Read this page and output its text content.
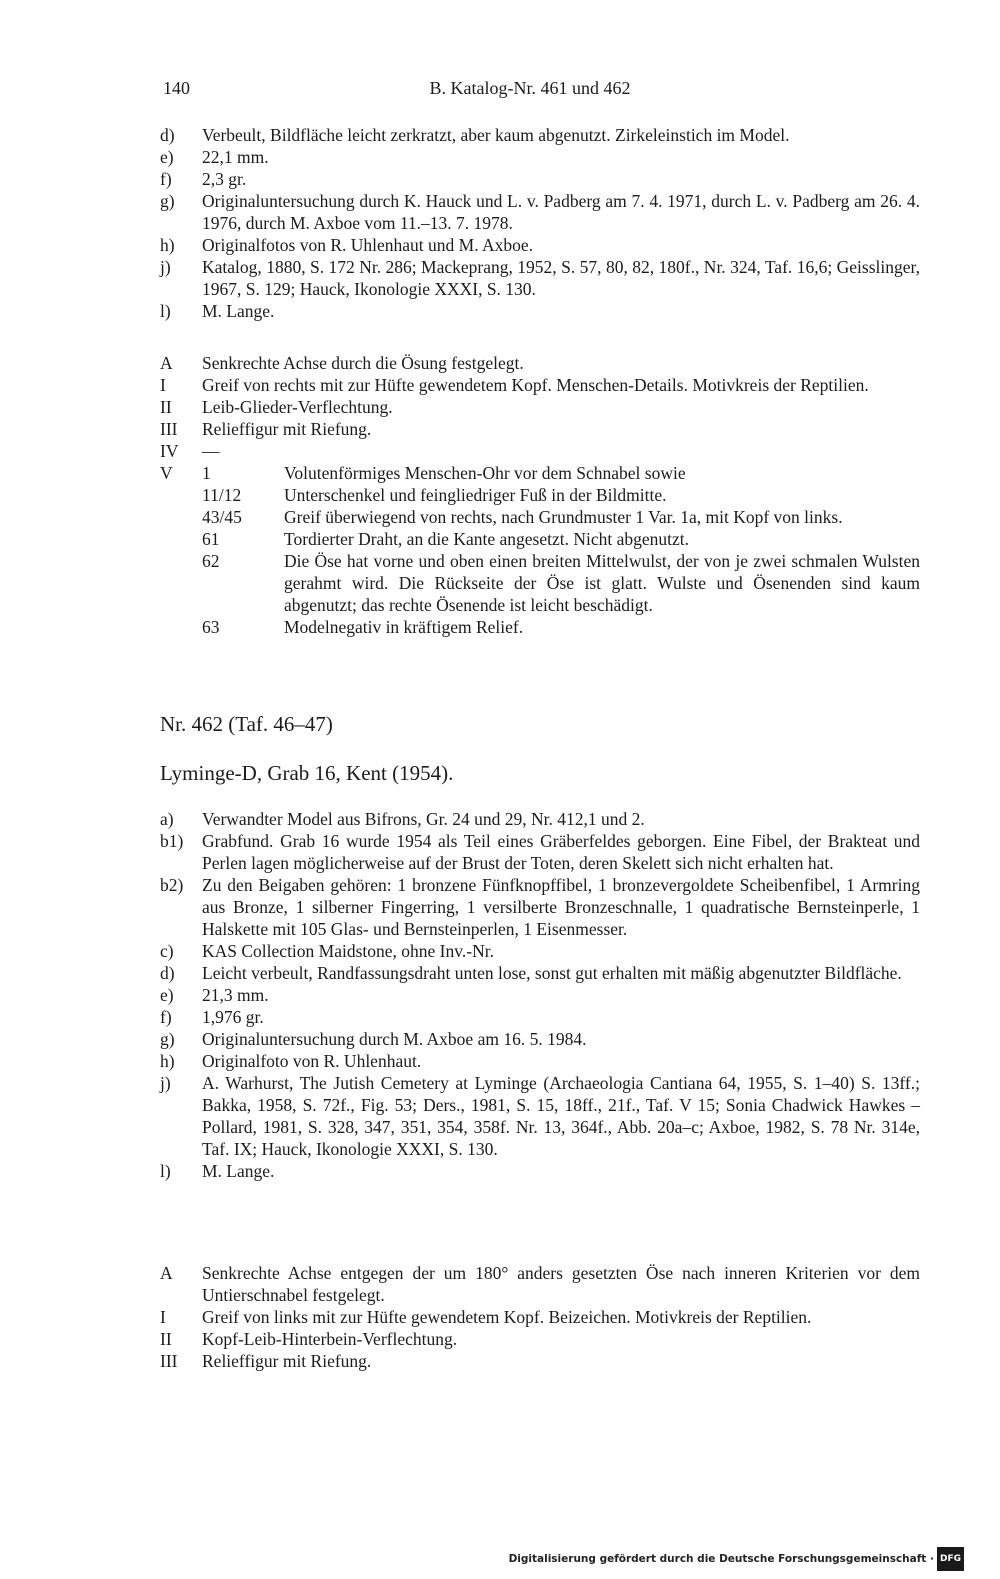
140	B. Katalog-Nr. 461 und 462
d)	Verbeult, Bildfläche leicht zerkratzt, aber kaum abgenutzt. Zirkeleinstich im Model.
e)	22,1 mm.
f)	2,3 gr.
g)	Originaluntersuchung durch K. Hauck und L. v. Padberg am 7. 4. 1971, durch L. v. Padberg am 26. 4. 1976, durch M. Axboe vom 11.–13. 7. 1978.
h)	Originalfotos von R. Uhlenhaut und M. Axboe.
j)	Katalog, 1880, S. 172 Nr. 286; Mackeprang, 1952, S. 57, 80, 82, 180f., Nr. 324, Taf. 16,6; Geisslinger, 1967, S. 129; Hauck, Ikonologie XXXI, S. 130.
l)	M. Lange.
A	Senkrechte Achse durch die Ösung festgelegt.
I	Greif von rechts mit zur Hüfte gewendetem Kopf. Menschen-Details. Motivkreis der Reptilien.
II	Leib-Glieder-Verflechtung.
III	Relieffigur mit Riefung.
IV	—
V	1	Volutenförmiges Menschen-Ohr vor dem Schnabel sowie
11/12	Unterschenkel und feingliedriger Fuß in der Bildmitte.
43/45	Greif überwiegend von rechts, nach Grundmuster 1 Var. 1a, mit Kopf von links.
61	Tordierter Draht, an die Kante angesetzt. Nicht abgenutzt.
62	Die Öse hat vorne und oben einen breiten Mittelwulst, der von je zwei schmalen Wulsten gerahmt wird. Die Rückseite der Öse ist glatt. Wulste und Ösenenden sind kaum abgenutzt; das rechte Ösenende ist leicht beschädigt.
63	Modelnegativ in kräftigem Relief.
Nr. 462 (Taf. 46–47)
Lyminge-D, Grab 16, Kent (1954).
a)	Verwandter Model aus Bifrons, Gr. 24 und 29, Nr. 412,1 und 2.
b1)	Grabfund. Grab 16 wurde 1954 als Teil eines Gräberfeldes geborgen. Eine Fibel, der Brakteat und Perlen lagen möglicherweise auf der Brust der Toten, deren Skelett sich nicht erhalten hat.
b2)	Zu den Beigaben gehören: 1 bronzene Fünfknopffibel, 1 bronzevergoldete Scheibenfibel, 1 Armring aus Bronze, 1 silberner Fingerring, 1 versilberte Bronzeschnalle, 1 quadratische Bernsteinperle, 1 Halskette mit 105 Glas- und Bernsteinperlen, 1 Eisenmesser.
c)	KAS Collection Maidstone, ohne Inv.-Nr.
d)	Leicht verbeult, Randfassungsdraht unten lose, sonst gut erhalten mit mäßig abgenutzter Bildfläche.
e)	21,3 mm.
f)	1,976 gr.
g)	Originaluntersuchung durch M. Axboe am 16. 5. 1984.
h)	Originalfoto von R. Uhlenhaut.
j)	A. Warhurst, The Jutish Cemetery at Lyminge (Archaeologia Cantiana 64, 1955, S. 1–40) S. 13ff.; Bakka, 1958, S. 72f., Fig. 53; Ders., 1981, S. 15, 18ff., 21f., Taf. V 15; Sonia Chadwick Hawkes – Pollard, 1981, S. 328, 347, 351, 354, 358f. Nr. 13, 364f., Abb. 20a–c; Axboe, 1982, S. 78 Nr. 314e, Taf. IX; Hauck, Ikonologie XXXI, S. 130.
l)	M. Lange.
A	Senkrechte Achse entgegen der um 180° anders gesetzten Öse nach inneren Kriterien vor dem Untierschnabel festgelegt.
I	Greif von links mit zur Hüfte gewendetem Kopf. Beizeichen. Motivkreis der Reptilien.
II	Kopf-Leib-Hinterbein-Verflechtung.
III	Relieffigur mit Riefung.
Digitalisierung gefördert durch die Deutsche Forschungsgemeinschaft · DFG
